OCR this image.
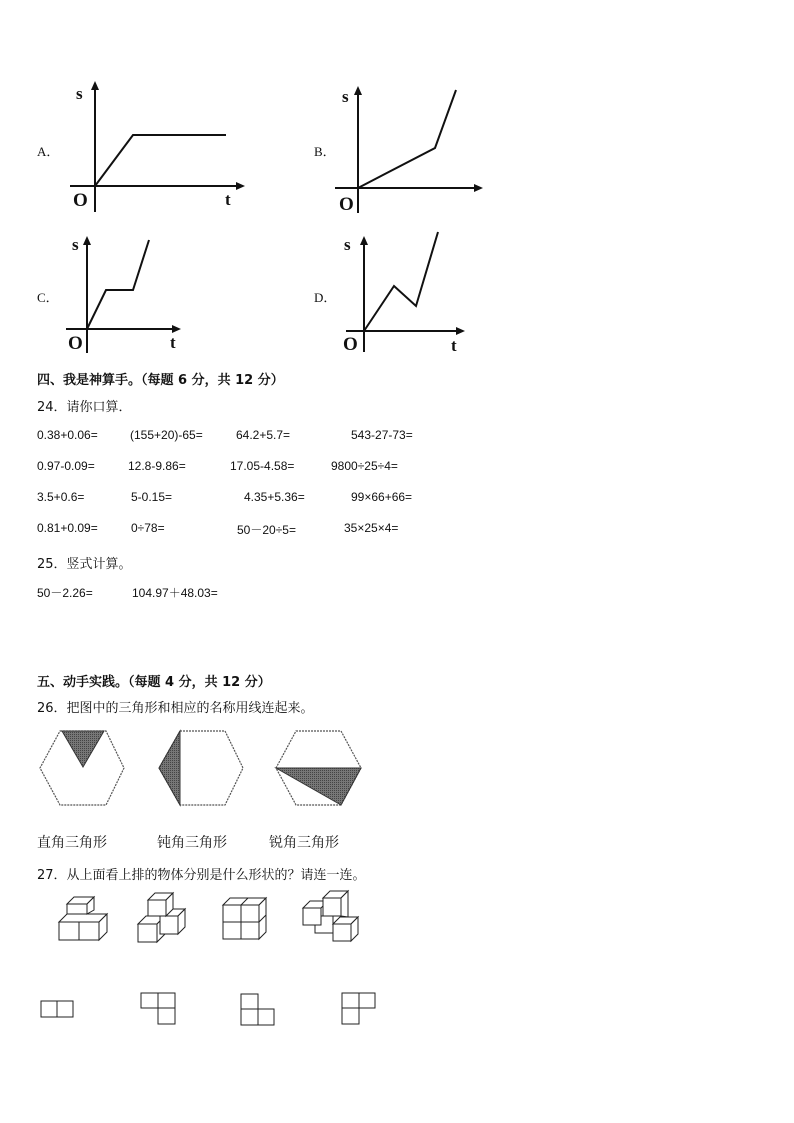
A．
s
O	t
B．
s
O
C．
s
O	t
D．
s
O	t
四、我是神算手。（每题 6 分，共 12 分）
24．请你口算．
0.38+0.06=	(155+20)-65=	64.2+5.7=	543-27-73=
0.97-0.09=	12.8-9.86=	17.05-4.58=	9800÷25÷4=
3.5+0.6=	5-0.15=	4.35+5.36=	99×66+66=
0.81+0.09=	0÷78=	50－20÷5=	35×25×4=
25．竖式计算。
50－2.26=	104.97＋48.03=
五、动手实践。（每题 4 分，共 12 分）
26．把图中的三角形和相应的名称用线连起来。
直角三角形	钝角三角形	锐角三角形
27．从上面看上排的物体分别是什么形状的？请连一连。
